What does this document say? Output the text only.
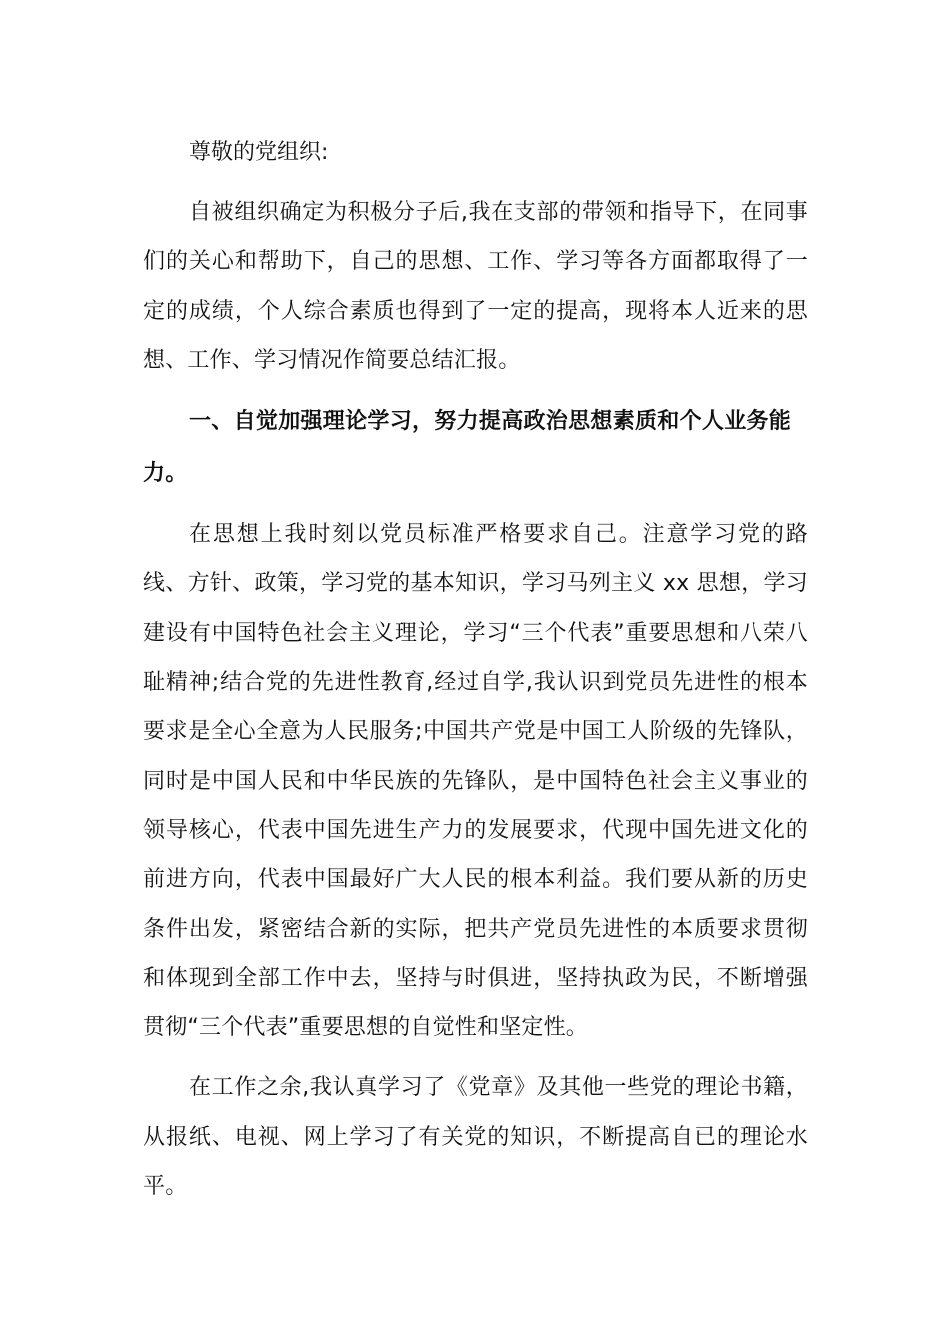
尊敬的党组织:

自被组织确定为积极分子后,我在支部的带领和指导下，在同事们的关心和帮助下，自己的思想、工作、学习等各方面都取得了一定的成绩，个人综合素质也得到了一定的提高，现将本人近来的思想、工作、学习情况作简要总结汇报。

一、自觉加强理论学习，努力提高政治思想素质和个人业务能力。

在思想上我时刻以党员标准严格要求自己。注意学习党的路线、方针、政策，学习党的基本知识，学习马列主义 xx 思想，学习建设有中国特色社会主义理论，学习“三个代表”重要思想和八荣八耻精神;结合党的先进性教育,经过自学,我认识到党员先进性的根本要求是全心全意为人民服务;中国共产党是中国工人阶级的先锋队，同时是中国人民和中华民族的先锋队，是中国特色社会主义事业的领导核心，代表中国先进生产力的发展要求，代现中国先进文化的前进方向，代表中国最好广大人民的根本利益。我们要从新的历史条件出发，紧密结合新的实际，把共产党员先进性的本质要求贯彻和体现到全部工作中去，坚持与时俱进，坚持执政为民，不断增强贯彻“三个代表”重要思想的自觉性和坚定性。

在工作之余,我认真学习了《党章》及其他一些党的理论书籍，从报纸、电视、网上学习了有关党的知识，不断提高自已的理论水平。
